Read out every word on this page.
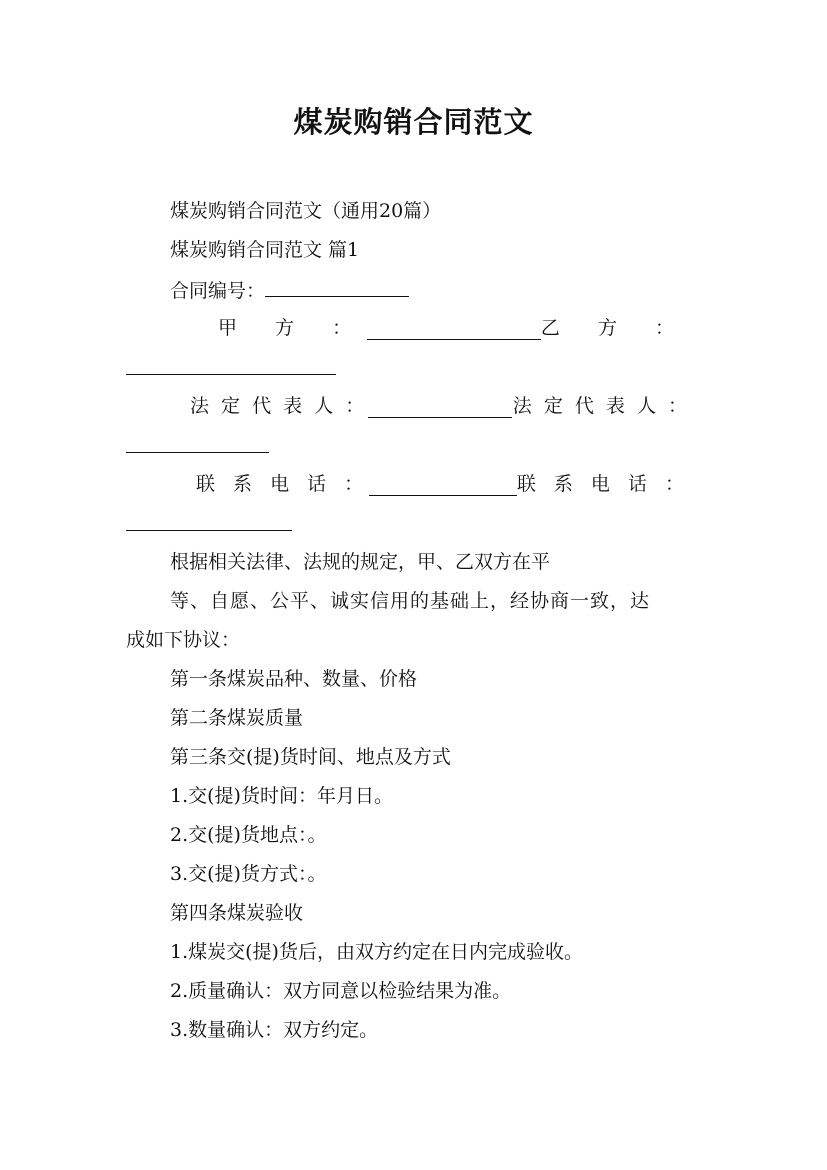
煤炭购销合同范文
煤炭购销合同范文（通用20篇）
煤炭购销合同范文 篇1
合同编号：
甲 方 ：	乙 方 ：
法 定 代 表 人 ：	法 定 代 表 人 ：
联 系 电 话 ：	联 系 电 话 ：
根据相关法律、法规的规定，甲、乙双方在平
等、自愿、公平、诚实信用的基础上，经协商一致，达
成如下协议：
第一条煤炭品种、数量、价格
第二条煤炭质量
第三条交(提)货时间、地点及方式
1.交(提)货时间：年月日。
2.交(提)货地点：。
3.交(提)货方式：。
第四条煤炭验收
1.煤炭交(提)货后，由双方约定在日内完成验收。
2.质量确认：双方同意以检验结果为准。
3.数量确认：双方约定。
